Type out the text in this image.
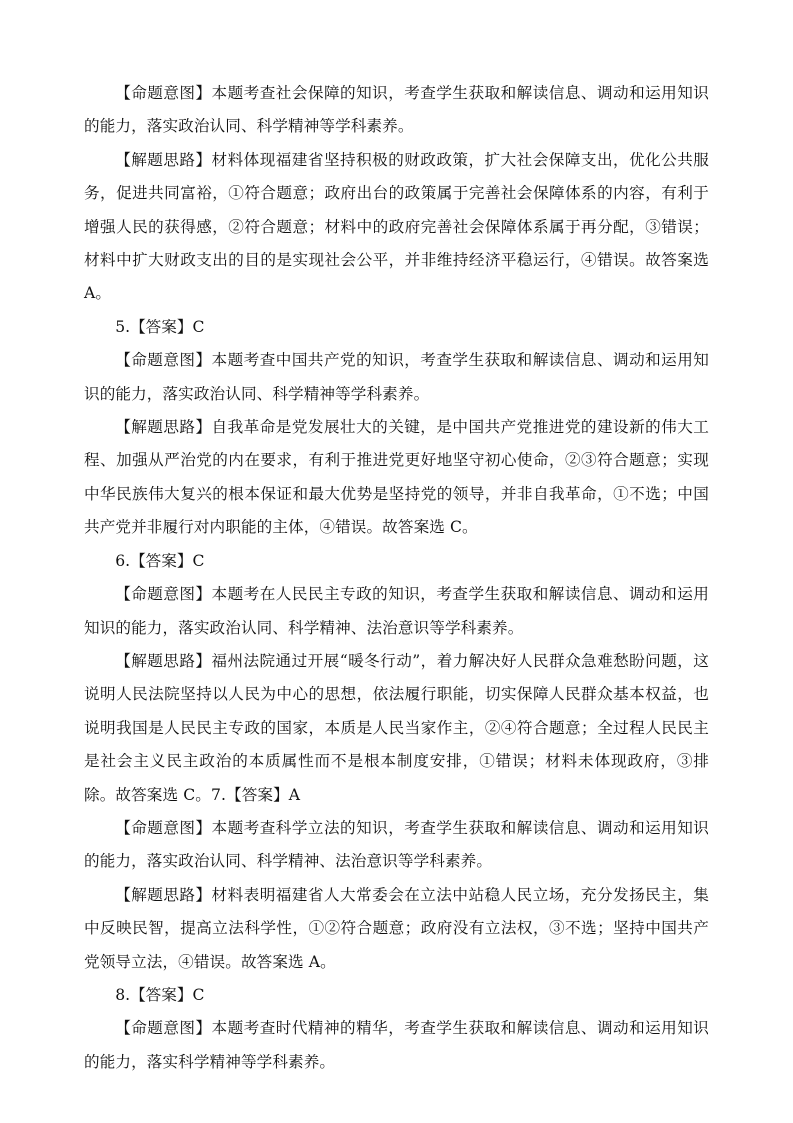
【命题意图】本题考查社会保障的知识，考查学生获取和解读信息、调动和运用知识的能力，落实政治认同、科学精神等学科素养。

【解题思路】材料体现福建省坚持积极的财政政策，扩大社会保障支出，优化公共服务，促进共同富裕，①符合题意；政府出台的政策属于完善社会保障体系的内容，有利于增强人民的获得感，②符合题意；材料中的政府完善社会保障体系属于再分配，③错误；材料中扩大财政支出的目的是实现社会公平，并非维持经济平稳运行，④错误。故答案选 A。

5.【答案】C

【命题意图】本题考查中国共产党的知识，考查学生获取和解读信息、调动和运用知识的能力，落实政治认同、科学精神等学科素养。

【解题思路】自我革命是党发展壮大的关键，是中国共产党推进党的建设新的伟大工程、加强从严治党的内在要求，有利于推进党更好地坚守初心使命，②③符合题意；实现中华民族伟大复兴的根本保证和最大优势是坚持党的领导，并非自我革命，①不选；中国共产党并非履行对内职能的主体，④错误。故答案选 C。

6.【答案】C

【命题意图】本题考在人民民主专政的知识，考查学生获取和解读信息、调动和运用知识的能力，落实政治认同、科学精神、法治意识等学科素养。

【解题思路】福州法院通过开展“暖冬行动”，着力解决好人民群众急难愁盼问题，这说明人民法院坚持以人民为中心的思想，依法履行职能，切实保障人民群众基本权益，也说明我国是人民民主专政的国家，本质是人民当家作主，②④符合题意；全过程人民民主是社会主义民主政治的本质属性而不是根本制度安排，①错误；材料未体现政府，③排除。故答案选 C。7.【答案】A

【命题意图】本题考查科学立法的知识，考查学生获取和解读信息、调动和运用知识的能力，落实政治认同、科学精神、法治意识等学科素养。

【解题思路】材料表明福建省人大常委会在立法中站稳人民立场，充分发扬民主，集中反映民智，提高立法科学性，①②符合题意；政府没有立法权，③不选；坚持中国共产党领导立法，④错误。故答案选 A。

8.【答案】C

【命题意图】本题考查时代精神的精华，考查学生获取和解读信息、调动和运用知识的能力，落实科学精神等学科素养。
